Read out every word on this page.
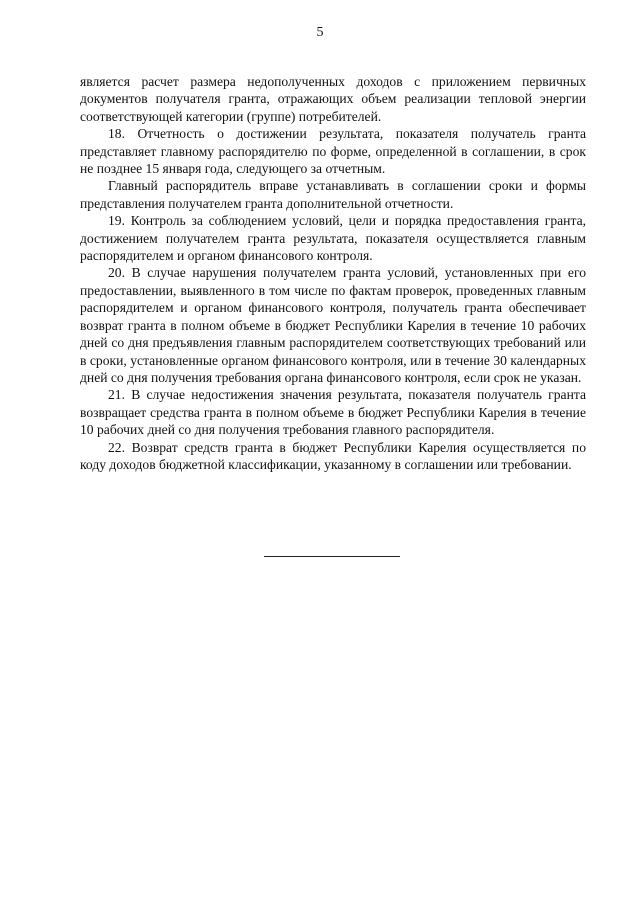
5

является расчет размера недополученных доходов с приложением первичных документов получателя гранта, отражающих объем реализации тепловой энергии соответствующей категории (группе) потребителей.

18. Отчетность о достижении результата, показателя получатель гранта представляет главному распорядителю по форме, определенной в соглашении, в срок не позднее 15 января года, следующего за отчетным.

Главный распорядитель вправе устанавливать в соглашении сроки и формы представления получателем гранта дополнительной отчетности.

19. Контроль за соблюдением условий, цели и порядка предоставления гранта, достижением получателем гранта результата, показателя осуществляется главным распорядителем и органом финансового контроля.

20. В случае нарушения получателем гранта условий, установленных при его предоставлении, выявленного в том числе по фактам проверок, проведенных главным распорядителем и органом финансового контроля, получатель гранта обеспечивает возврат гранта в полном объеме в бюджет Республики Карелия в течение 10 рабочих дней со дня предъявления главным распорядителем соответствующих требований или в сроки, установленные органом финансового контроля, или в течение 30 календарных дней со дня получения требования органа финансового контроля, если срок не указан.

21. В случае недостижения значения результата, показателя получатель гранта возвращает средства гранта в полном объеме в бюджет Республики Карелия в течение 10 рабочих дней со дня получения требования главного распорядителя.

22. Возврат средств гранта в бюджет Республики Карелия осуществляется по коду доходов бюджетной классификации, указанному в соглашении или требовании.
